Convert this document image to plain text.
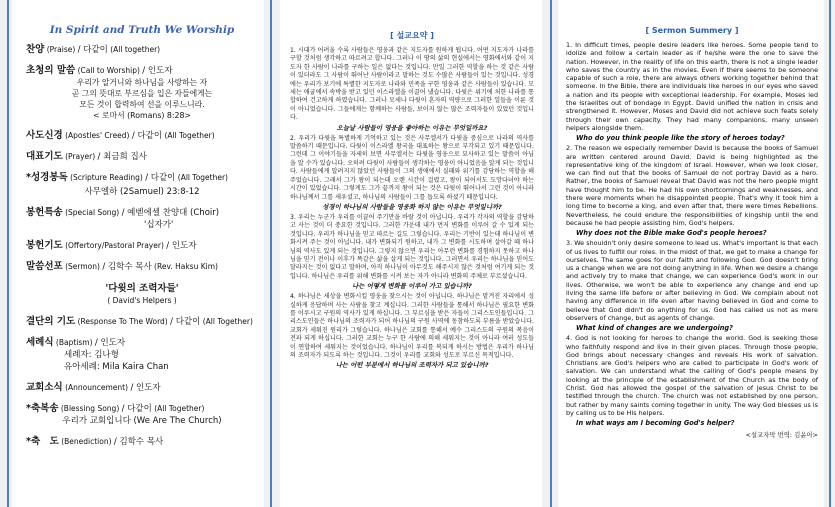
In Spirit and Truth We Worship
찬양 (Praise) / 다같이 (All together)
초청의 말씀 (Call to Worship) / 인도자
우리가 알거니와 하나님을 사랑하는 자
곧 그의 뜻대로 부르심을 입은 자들에게는
모든 것이 합력하여 선을 이루느니라.
< 로마서 (Romans) 8:28>
사도신경 (Apostles' Creed) / 다같이 (All Together)
대표기도 (Prayer) / 최금희 집사
*성경봉독 (Scripture Reading) / 다같이 (All Together)
사무엘하 (2Samuel) 23:8-12
봉헌특송 (Special Song) / 예벧에셀 찬양대 (Choir)
'십자가'
봉헌기도 (Offertory/Pastoral Prayer) / 인도자
말씀선포 (Sermon) / 김학수 목사 (Rev. Haksu Kim)
'다윗의 조력자들'
( David's Helpers )
결단의 기도 (Response To The Word) / 다같이 (All Together)
세례식 (Baptism) / 인도자
세례자: 김나형
유아세례: Mila Kaira Chan
교회소식 (Announcement) / 인도자
*축복송 (Blessing Song) / 다같이 (All Together)
우리가 교회입니다 (We Are The Church)
*축　도 (Benediction) / 김학수 목사
[ 설교요약 ]

1. 시대가 어려울 수록 사람들은 영웅과 같은 지도자를 원하게 됩니다. 어떤 지도자가 나라를 구할 것처럼 생각하고 따르려고 합니다. 그러나 이 땅의 삶의 현실에서는 영화에서와 같이 지도자 한 사람이 나라를 구하는 일은 없다는 것입니다. 만일 그러한 역할을 하는 것 같은 사람이 있더라도 그 사람이 뛰어난 사람이라고 말하는 것도 수많은 사람들이 있는 것입니다. 성경에는 우리가 보기에 특별한 지도자로 나라와 민족을 구한 영웅과 같은 사람들이 있습니다. 모세는 애굽에서 속박을 받고 있던 이스라엘을 이끌어 냈습니다. 다윗은 위기에 처한 나라를 통합하여 건고하게 하였습니다. 그러나 모세나 다윗이 혼자의 역량으로 그러한 일들을 이룬 것이 아니었습니다. 그들에게는 함께하는 사람들, 보이지 않는 많은 조력자들이 있었던 것입니다.

오늘날 사람들이 영웅을 좋아하는 이유는 무엇일까요?

2. 우리가 다윗을 특별하게 기억하고 있는 것은 사무엘서가 다윗을 중심으로 나라의 역사를 말씀하기 때문입니다. 다윗이 이스라엘 왕국을 대표하는 왕으로 부각되고 있기 때문입니다. 그런데 그 이야기들을 자세히 보면 사무엘서는 다윗을 영웅으로 묘사하고 있는 말씀이 아님을 알 수가 있습니다. 오히려 다윗이 사람들이 생각하는 영웅이 아니었음을 알게 되는 것입니다. 사람들에게 알려지지 않았던 사람들이 그의 생애에서 실패와 위기를 감당하는 역할을 해 주었습니다. 그래서 그가 왕이 되는데 오랜 시간이 걸렸고, 왕이 되어서도 도망다녀야 하는 시간이 있었습니다. 그렇게도 그가 끝까지 왕이 되는 것은 다윗이 뛰어나서 그런 것이 아니라 하나님께서 그를 세우셨고, 하나님의 사람들이 그를 돕도록 하셨기 때문입니다.

성경이 하나님의 사람들을 영웅화 하지 않는 이유는 무엇일니까?

3. 우리는 누군가 우리를 이끌어 주기만을 바랄 것이 아닙니다. 우리가 각자의 역할을 감당하고 사는 것이 더 중요한 것입니다. 그러한 가운데 내가 먼저 변화를 이루어 갈 수 있게 되는 것입니다. 우리가 하나님을 믿고 따르는 길도 그렇습니다. 우리는 기반이 있는데 하나님이 변화시켜 주는 것이 아닙니다. 내가 변화되기 원하고, 내가 그 변화를 시도하며 살아갈 때 하나님의 역사도 있게 되는 것입니다. 그렇지 않으면 우리는 아무런 변화를 경험하지 못하고 하나님을 믿기 전이나 이후가 똑같은 삶을 살게 되는 것입니다. 그러면서 우리는 하나님을 믿어도 달라지는 것이 없다고 말하며, 아직 하나님이 아무것도 해주시지 않은 것처럼 여기게 되는 것입니다. 하나님은 우리를 위해 변화를 시켜 보는 자가 아니라 변화의 주체로 부르셨습니다.

나는 어떻게 변화를 이루어 가고 있습니까?

4. 하나님은 세상을 변화시킬 영웅을 찾으시는 것이 아닙니다. 하나님은 맡겨진 자리에서 성실하게 응답하며 사는 사람을 찾고 계십니다. 그러한 사람들을 통해서 하나님은 필요한 변화를 이루시고 구원의 역사가 있게 하십니다. 그 부르심을 받은 자들이 그리스도인들입니다. 그리스도인들은 하나님의 조력자가 되어 하나님의 구원 사역에 동참하도록 부름을 받았습니다. 교회가 세워진 원리가 그렇습니다. 하나님은 교회를 통해서 예수 그리스도의 구원의 복음이 전파 되게 하십니다. 그러한 교회는 누구 한 사람에 의해 세워지는 것이 아니라 여러 성도들이 연합하여 세워지는 것이었습니다. 하나님이 우리를 복되게 하시는 방법은 우리가 하나님의 조력자가 되도록 하는 것입니다. 그것이 우리를 교회와 성도로 부르신 목적입니다.

나는 어떤 부분에서 하나님의 조력자가 되고 있습니까?
[ Sermon Summery ]

1. In difficult times, people desire leaders like heroes. Some people tend to idolize and follow a certain leader as if he/she were the one to save the nation. However, in the reality of life on this earth, there is not a single leader who saves the country as in the movies. Even if there seems to be someone capable of such a role, there are always others working together behind that someone. In the Bible, there are individuals like heroes in our eyes who saved a nation and its people with exceptional leadership. For example, Moses led the Israelites out of bondage in Egypt. David unified the nation in crisis and strengthened it. However, Moses and David did not achieve such feats solely through their own capacity. They had many companions, many unseen helpers alongside them.

Who do you think people like the story of heroes today?

2. The reason we especially remember David is because the books of Samuel are written centered around David. David is being highlighted as the representative king of the kingdom of Israel. However, when we look closer, we can find out that the books of Samuel do not portray David as a hero. Rather, the books of Samuel reveal that David was not the hero people might have thought him to be. He had his own shortcomings and weaknesses, and there were moments when he disappointed people. That's why it took him a long time to become a king, and even after that, there were times Rebellions. Nevertheless, he could endure the responsibilities of kingship until the end because he had people assisting him, God's helpers.

Why does not the Bible make God's people heroes?

3. We shouldn't only desire someone to lead us. What's important is that each of us lives to fulfill our roles. In the midst of that, we get to make a change for ourselves. The same goes for our faith and following God. God doesn't bring us a change when we are not doing anything in life. When we desire a change and actively try to make that change, we can experience God's work in our lives. Otherwise, we won't be able to experience any change and end up living the same life before or after believing in God. We complain about not having any difference in life even after having believed in God and come to believe that God didn't do anything for us. God has called us not as mere observers of change, but as agents of change.

What kind of changes are we undergoing?

4. God is not looking for heroes to change the world. God is seeking those who faithfully respond and live in their given places. Through those people, God brings about necessary changes and reveals His work of salvation. Christians are God's helpers who are called to participate in God's work of salvation. We can understand what the calling of God's people means by looking at the principle of the establishment of the Church as the body of Christ. God has allowed the gospel of the salvation of Jesus Christ to be testified through the church. The church was not established by one person, but rather by many saints coming together in unity. The way God blesses us is by calling us to be His helpers.

In what ways am I becoming God's helper?
<설교자막 번역: 김윤아>
